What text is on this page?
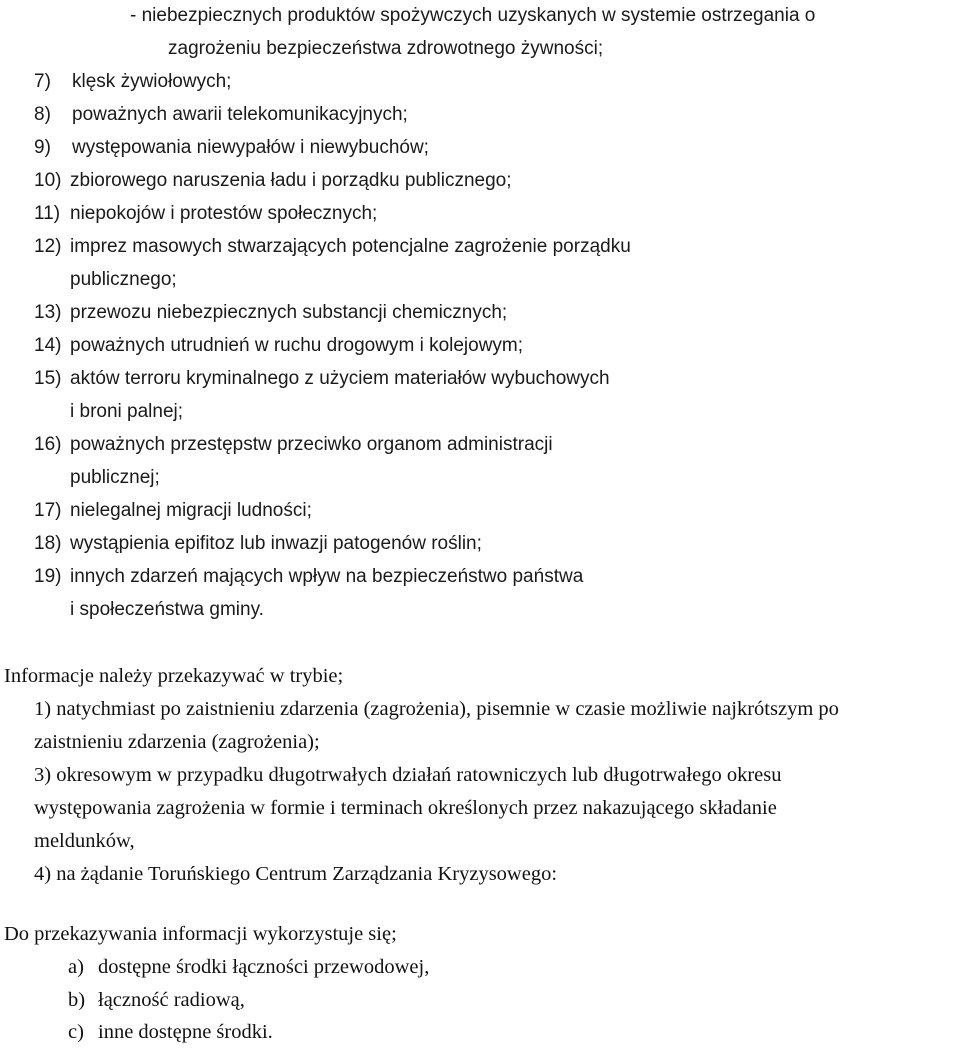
- niebezpiecznych produktów spożywczych uzyskanych w systemie ostrzegania o

zagrożeniu bezpieczeństwa zdrowotnego żywności;

7) klęsk żywiołowych;
8) poważnych awarii telekomunikacyjnych;
9) występowania niewypałów i niewybuchów;
10) zbiorowego naruszenia ładu i porządku publicznego;
11) niepokojów i protestów społecznych;
12) imprez masowych stwarzających potencjalne zagrożenie porządku

publicznego;

13) przewozu niebezpiecznych substancji chemicznych;
14) poważnych utrudnień w ruchu drogowym i kolejowym;
15) aktów terroru kryminalnego z użyciem materiałów wybuchowych

i broni palnej;

16) poważnych przestępstw przeciwko organom administracji

publicznej;

17) nielegalnej migracji ludności;
18) wystąpienia epifitoz lub inwazji patogenów roślin;
19) innych zdarzeń mających wpływ na bezpieczeństwo państwa

i społeczeństwa gminy.

Informacje należy przekazywać w trybie;

1) natychmiast po zaistnieniu zdarzenia (zagrożenia), pisemnie w czasie możliwie najkrótszym po

zaistnieniu zdarzenia (zagrożenia);

3) okresowym w przypadku długotrwałych działań ratowniczych lub długotrwałego okresu

występowania zagrożenia w formie i terminach określonych przez nakazującego składanie

meldunków,

4) na żądanie Toruńskiego Centrum Zarządzania Kryzysowego:

Do przekazywania informacji wykorzystuje się;

a) dostępne środki łączności przewodowej,
b) łączność radiową,
c) inne dostępne środki.
